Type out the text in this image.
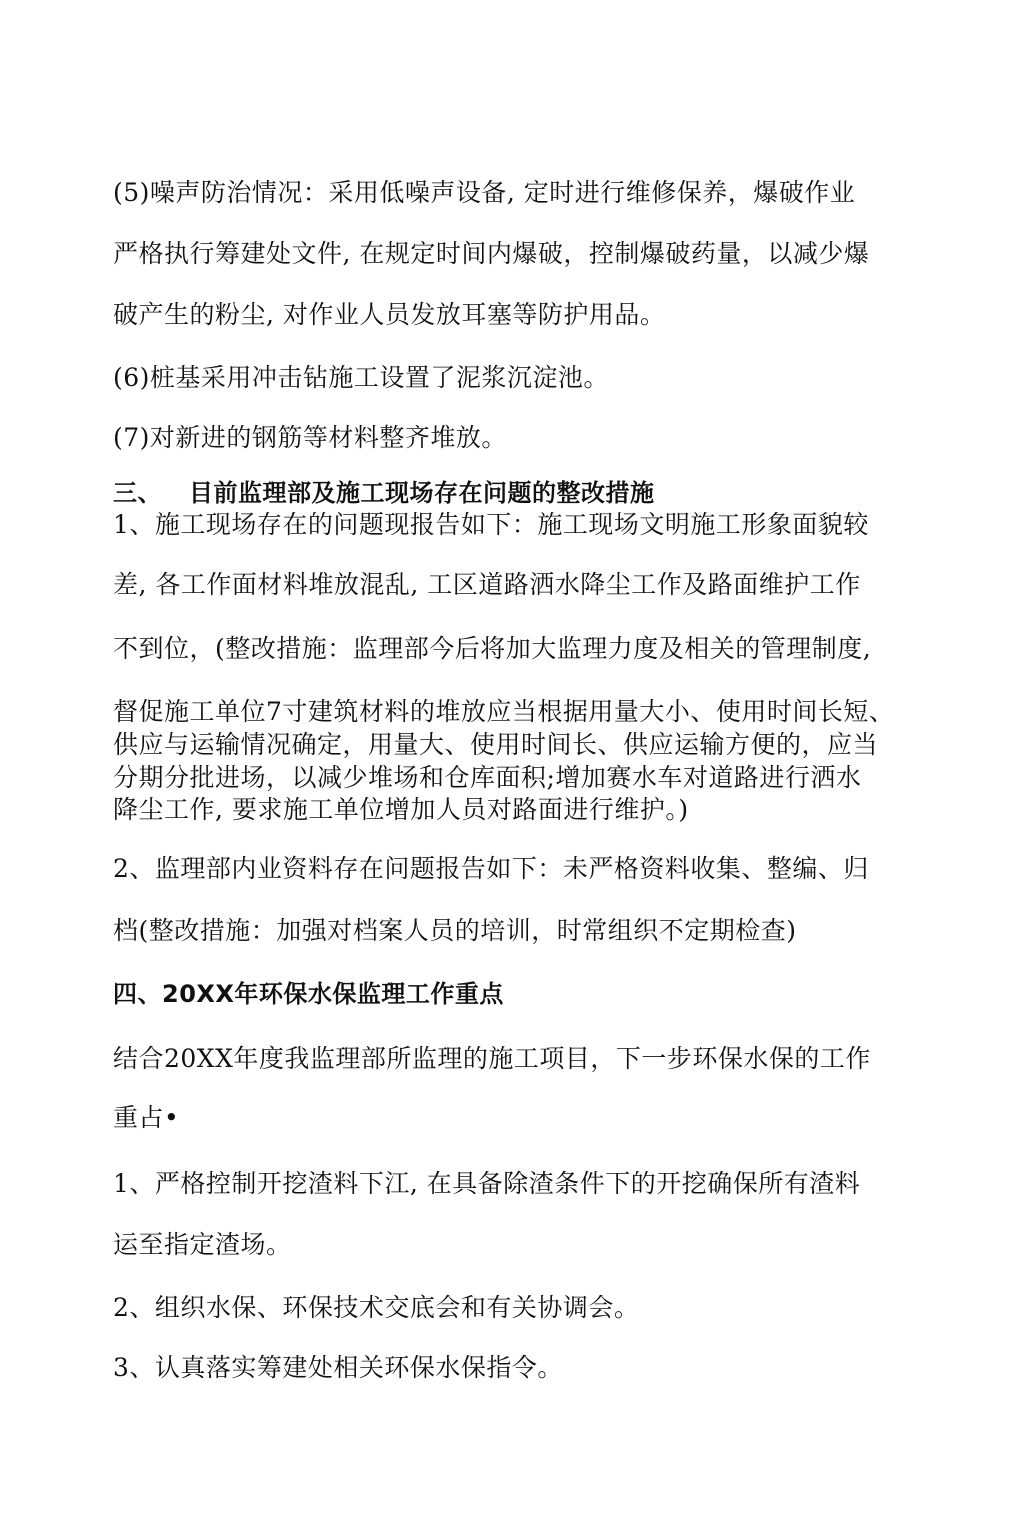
(5)噪声防治情况：采用低噪声设备, 定时进行维修保养，爆破作业
严格执行筹建处文件, 在规定时间内爆破，控制爆破药量，以减少爆
破产生的粉尘, 对作业人员发放耳塞等防护用品。
(6)桩基采用冲击钻施工设置了泥浆沉淀池。
(7)对新进的钢筋等材料整齐堆放。
三、 目前监理部及施工现场存在问题的整改措施
1、施工现场存在的问题现报告如下：施工现场文明施工形象面貌较
差, 各工作面材料堆放混乱, 工区道路洒水降尘工作及路面维护工作
不到位，(整改措施：监理部今后将加大监理力度及相关的管理制度,
督促施工单位7寸建筑材料的堆放应当根据用量大小、使用时间长短、
供应与运输情况确定，用量大、使用时间长、供应运输方便的，应当
分期分批进场，以减少堆场和仓库面积;增加赛水车对道路进行洒水
降尘工作, 要求施工单位增加人员对路面进行维护。)
2、监理部内业资料存在问题报告如下：未严格资料收集、整编、归
档(整改措施：加强对档案人员的培训，时常组织不定期检查)
四、20XX年环保水保监理工作重点
结合20XX年度我监理部所监理的施工项目，下一步环保水保的工作
重占•
1、严格控制开挖渣料下江, 在具备除渣条件下的开挖确保所有渣料
运至指定渣场。
2、组织水保、环保技术交底会和有关协调会。
3、认真落实筹建处相关环保水保指令。
